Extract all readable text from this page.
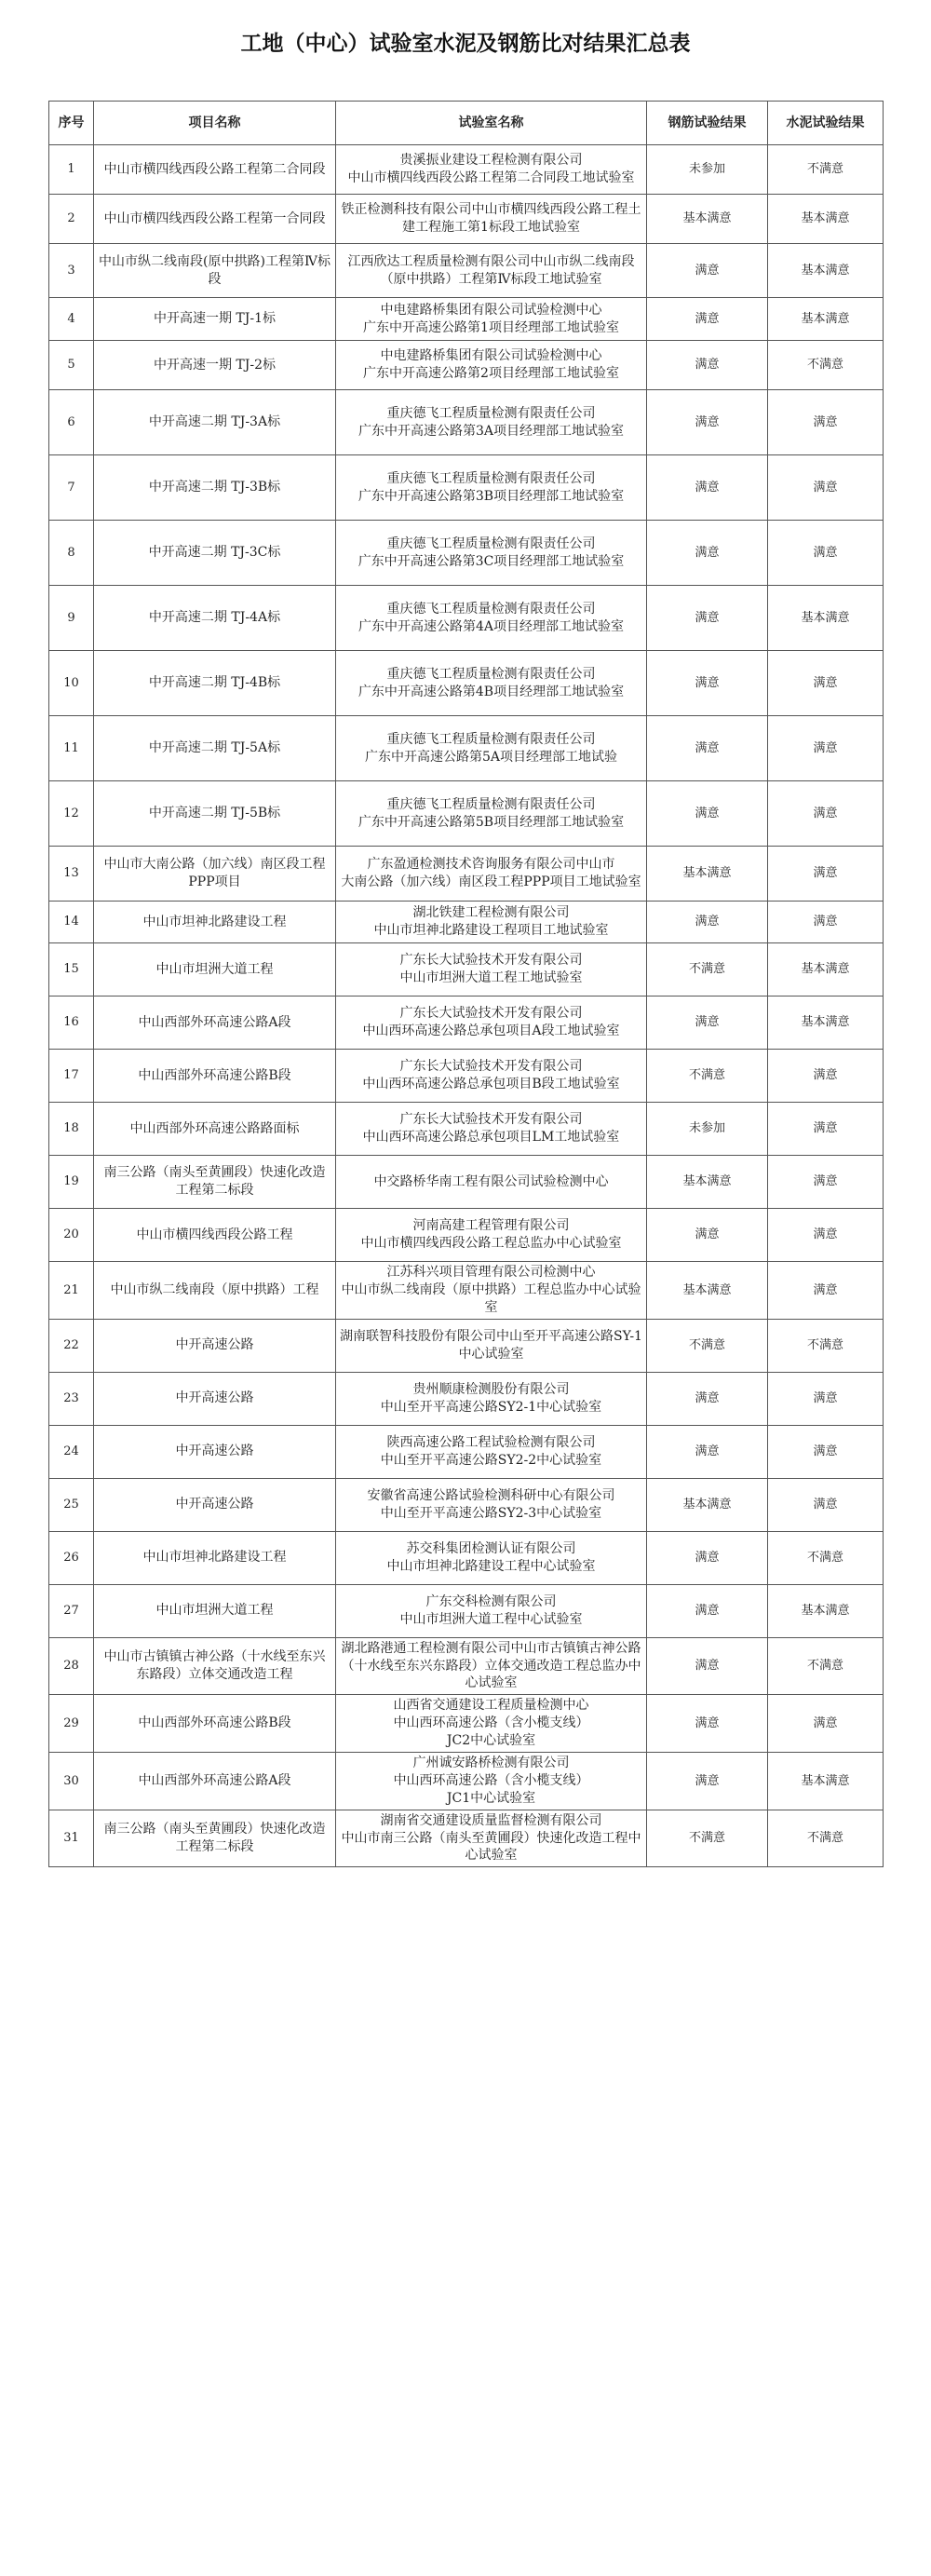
工地（中心）试验室水泥及钢筋比对结果汇总表
序号	项目名称	试验室名称	钢筋试验结果	水泥试验结果
1	中山市横四线西段公路工程第二合同段	贵溪振业建设工程检测有限公司
中山市横四线西段公路工程第二合同段工地试验室	未参加	不满意
2	中山市横四线西段公路工程第一合同段	铁正检测科技有限公司中山市横四线西段公路工程土建工程施工第1标段工地试验室	基本满意	基本满意
3	中山市纵二线南段(原中拱路)工程第Ⅳ标段	江西欣达工程质量检测有限公司中山市纵二线南段（原中拱路）工程第Ⅳ标段工地试验室	满意	基本满意
4	中开高速一期 TJ-1标	中电建路桥集团有限公司试验检测中心
广东中开高速公路第1项目经理部工地试验室	满意	基本满意
5	中开高速一期 TJ-2标	中电建路桥集团有限公司试验检测中心
广东中开高速公路第2项目经理部工地试验室	满意	不满意
6	中开高速二期 TJ-3A标	重庆德飞工程质量检测有限责任公司
广东中开高速公路第3A项目经理部工地试验室	满意	满意
7	中开高速二期 TJ-3B标	重庆德飞工程质量检测有限责任公司
广东中开高速公路第3B项目经理部工地试验室	满意	满意
8	中开高速二期 TJ-3C标	重庆德飞工程质量检测有限责任公司
广东中开高速公路第3C项目经理部工地试验室	满意	满意
9	中开高速二期 TJ-4A标	重庆德飞工程质量检测有限责任公司
广东中开高速公路第4A项目经理部工地试验室	满意	基本满意
10	中开高速二期 TJ-4B标	重庆德飞工程质量检测有限责任公司
广东中开高速公路第4B项目经理部工地试验室	满意	满意
11	中开高速二期 TJ-5A标	重庆德飞工程质量检测有限责任公司
广东中开高速公路第5A项目经理部工地试验	满意	满意
12	中开高速二期 TJ-5B标	重庆德飞工程质量检测有限责任公司
广东中开高速公路第5B项目经理部工地试验室	满意	满意
13	中山市大南公路（加六线）南区段工程PPP项目	广东盈通检测技术咨询服务有限公司中山市
大南公路（加六线）南区段工程PPP项目工地试验室	基本满意	满意
14	中山市坦神北路建设工程	湖北铁建工程检测有限公司
中山市坦神北路建设工程项目工地试验室	满意	满意
15	中山市坦洲大道工程	广东长大试验技术开发有限公司
中山市坦洲大道工程工地试验室	不满意	基本满意
16	中山西部外环高速公路A段	广东长大试验技术开发有限公司
中山西环高速公路总承包项目A段工地试验室	满意	基本满意
17	中山西部外环高速公路B段	广东长大试验技术开发有限公司
中山西环高速公路总承包项目B段工地试验室	不满意	满意
18	中山西部外环高速公路路面标	广东长大试验技术开发有限公司
中山西环高速公路总承包项目LM工地试验室	未参加	满意
19	南三公路（南头至黄圃段）快速化改造工程第二标段	中交路桥华南工程有限公司试验检测中心	基本满意	满意
20	中山市横四线西段公路工程	河南高建工程管理有限公司
中山市横四线西段公路工程总监办中心试验室	满意	满意
21	中山市纵二线南段（原中拱路）工程	江苏科兴项目管理有限公司检测中心
中山市纵二线南段（原中拱路）工程总监办中心试验室	基本满意	满意
22	中开高速公路	湖南联智科技股份有限公司中山至开平高速公路SY-1中心试验室	不满意	不满意
23	中开高速公路	贵州顺康检测股份有限公司
中山至开平高速公路SY2-1中心试验室	满意	满意
24	中开高速公路	陕西高速公路工程试验检测有限公司
中山至开平高速公路SY2-2中心试验室	满意	满意
25	中开高速公路	安徽省高速公路试验检测科研中心有限公司
中山至开平高速公路SY2-3中心试验室	基本满意	满意
26	中山市坦神北路建设工程	苏交科集团检测认证有限公司
中山市坦神北路建设工程中心试验室	满意	不满意
27	中山市坦洲大道工程	广东交科检测有限公司
中山市坦洲大道工程中心试验室	满意	基本满意
28	中山市古镇镇古神公路（十水线至东兴东路段）立体交通改造工程	湖北路港通工程检测有限公司中山市古镇镇古神公路（十水线至东兴东路段）立体交通改造工程总监办中心试验室	满意	不满意
29	中山西部外环高速公路B段	山西省交通建设工程质量检测中心
中山西环高速公路（含小榄支线）
JC2中心试验室	满意	满意
30	中山西部外环高速公路A段	广州诚安路桥检测有限公司
中山西环高速公路（含小榄支线）
JC1中心试验室	满意	基本满意
31	南三公路（南头至黄圃段）快速化改造工程第二标段	湖南省交通建设质量监督检测有限公司
中山市南三公路（南头至黄圃段）快速化改造工程中心试验室	不满意	不满意
